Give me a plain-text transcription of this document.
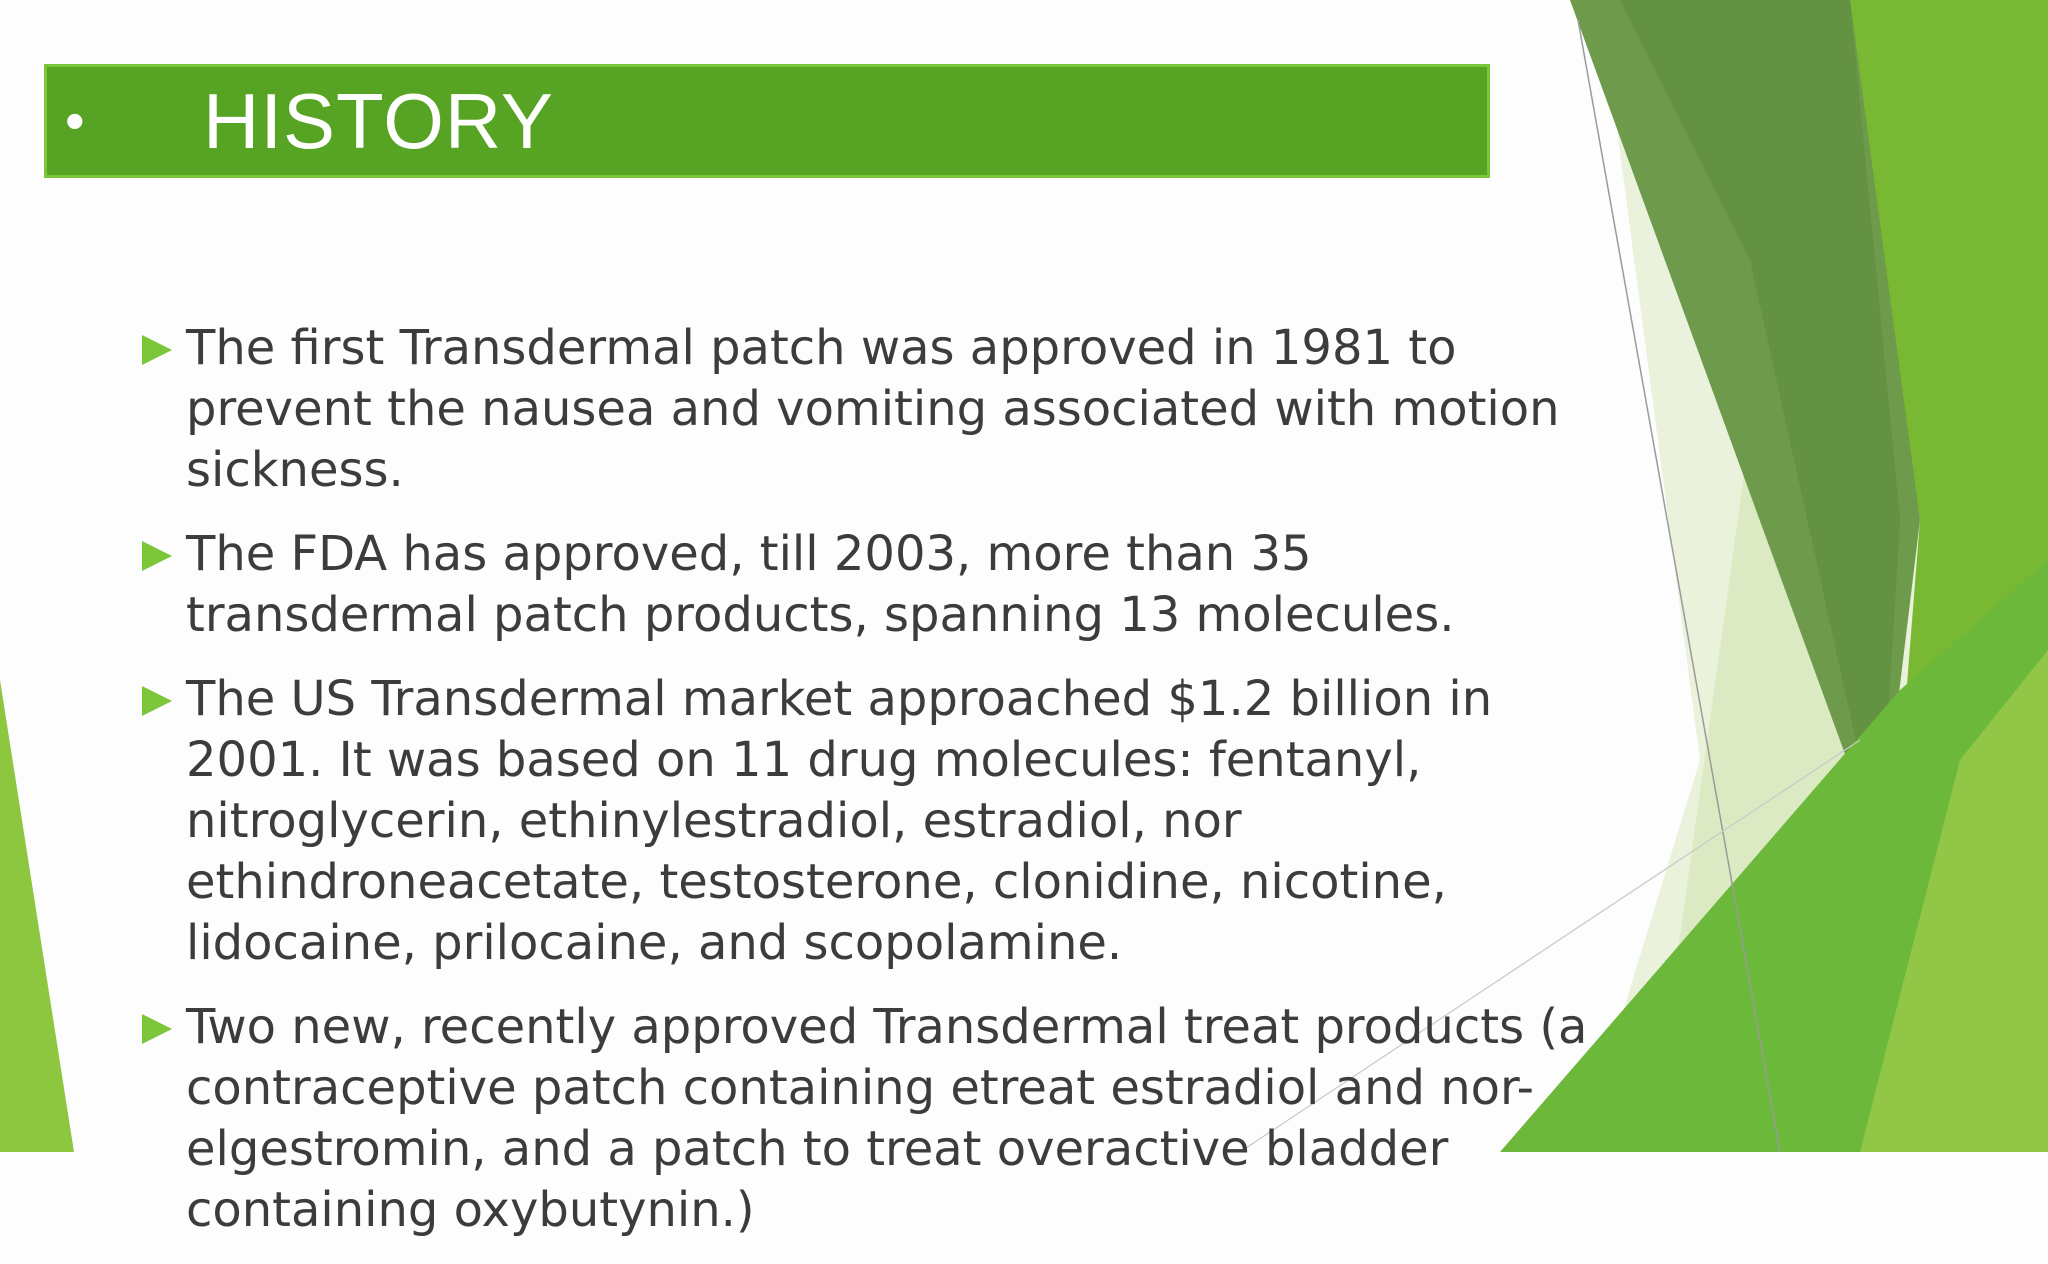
•	HISTORY
The first Transdermal patch was approved in 1981 to prevent the nausea and vomiting associated with motion sickness.
The FDA has approved, till 2003, more than 35 transdermal patch products, spanning 13 molecules.
The US Transdermal market approached $1.2 billion in 2001. It was based on 11 drug molecules: fentanyl, nitroglycerin, ethinylestradiol, estradiol, nor ethindroneacetate, testosterone, clonidine, nicotine, lidocaine, prilocaine, and scopolamine.
Two new, recently approved Transdermal treat products (a contraceptive patch containing etreat estradiol and nor-elgestromin, and a patch to treat overactive bladder containing oxybutynin.)
